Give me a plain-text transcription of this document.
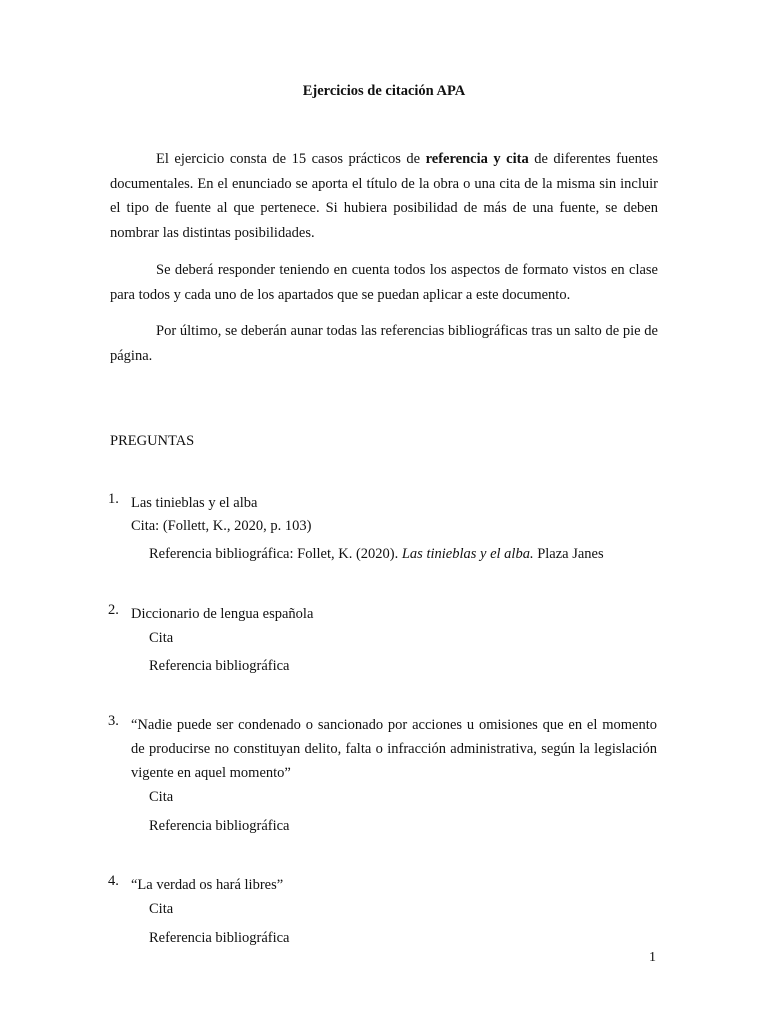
Ejercicios de citación APA

El ejercicio consta de 15 casos prácticos de referencia y cita de diferentes fuentes documentales. En el enunciado se aporta el título de la obra o una cita de la misma sin incluir el tipo de fuente al que pertenece. Si hubiera posibilidad de más de una fuente, se deben nombrar las distintas posibilidades.

Se deberá responder teniendo en cuenta todos los aspectos de formato vistos en clase para todos y cada uno de los apartados que se puedan aplicar a este documento.

Por último, se deberán aunar todas las referencias bibliográficas tras un salto de pie de página.

PREGUNTAS
1. Las tinieblas y el alba
Cita: (Follett, K., 2020, p. 103)
Referencia bibliográfica: Follet, K. (2020). Las tinieblas y el alba. Plaza Janes
2. Diccionario de lengua española
Cita
Referencia bibliográfica
3. “Nadie puede ser condenado o sancionado por acciones u omisiones que en el momento de producirse no constituyan delito, falta o infracción administrativa, según la legislación vigente en aquel momento”
Cita
Referencia bibliográfica
4. “La verdad os hará libres”
Cita
Referencia bibliográfica
1
